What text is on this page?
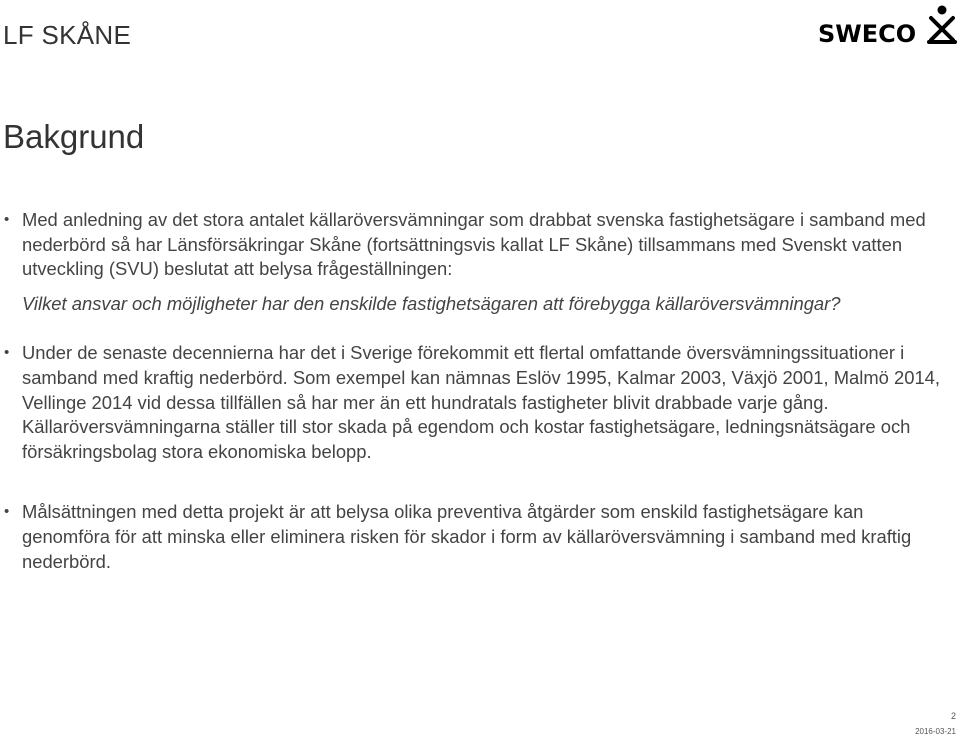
LF SKÅNE	SWECO
Bakgrund
• Med anledning av det stora antalet källaröversvämningar som drabbat svenska fastighetsägare i samband med nederbörd så har Länsförsäkringar Skåne (fortsättningsvis kallat LF Skåne) tillsammans med Svenskt vatten utveckling (SVU) beslutat att belysa frågeställningen:
Vilket ansvar och möjligheter har den enskilde fastighetsägaren att förebygga källaröversvämningar?
• Under de senaste decennierna har det i Sverige förekommit ett flertal omfattande översvämningssituationer i samband med kraftig nederbörd. Som exempel kan nämnas Eslöv 1995, Kalmar 2003, Växjö 2001, Malmö 2014, Vellinge 2014 vid dessa tillfällen så har mer än ett hundratals fastigheter blivit drabbade varje gång. Källaröversvämningarna ställer till stor skada på egendom och kostar fastighetsägare, ledningsnätsägare och försäkringsbolag stora ekonomiska belopp.
• Målsättningen med detta projekt är att belysa olika preventiva åtgärder som enskild fastighetsägare kan genomföra för att minska eller eliminera risken för skador i form av källaröversvämning i samband med kraftig nederbörd.
2
2016-03-21
